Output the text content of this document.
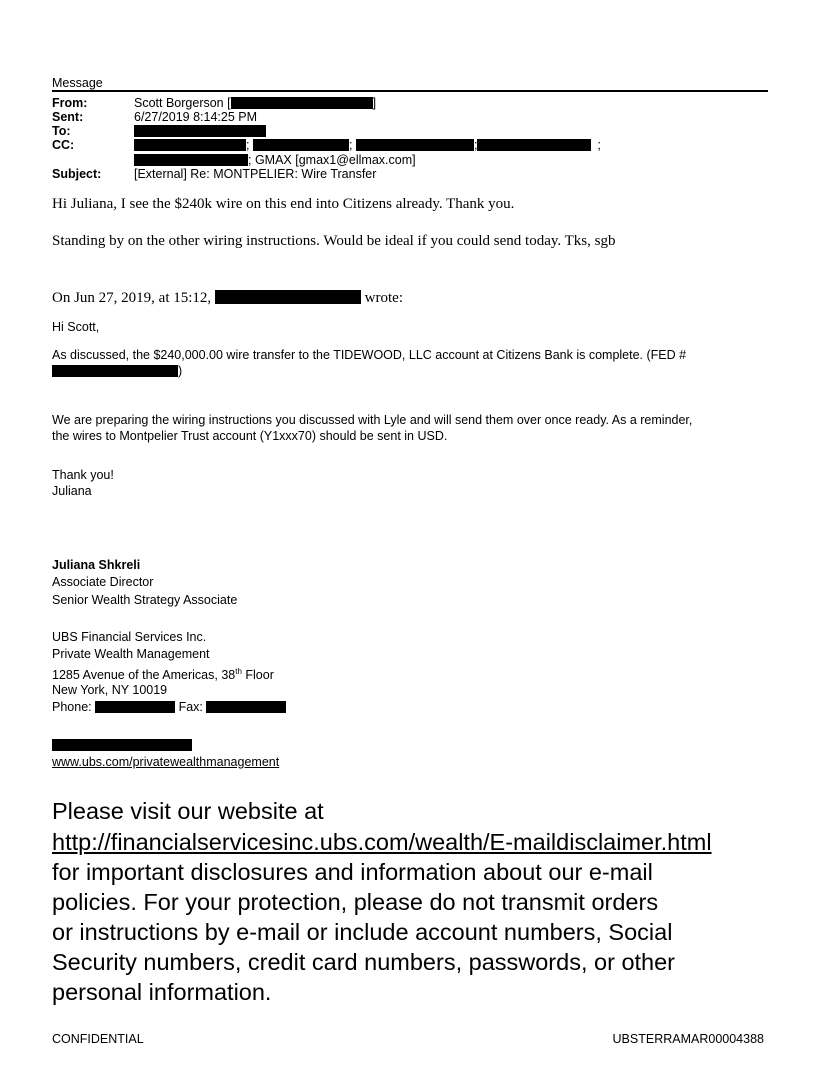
Message
From:	Scott Borgerson [	]
Sent:	6/27/2019 8:14:25 PM
To:
CC:	;	;	;	;
; GMAX [gmax1@ellmax.com]
Subject:	[External] Re: MONTPELIER: Wire Transfer
Hi Juliana, I see the $240k wire on this end into Citizens already. Thank you.
Standing by on the other wiring instructions. Would be ideal if you could send today. Tks, sgb
On Jun 27, 2019, at 15:12,	wrote:
Hi Scott,
As discussed, the $240,000.00 wire transfer to the TIDEWOOD, LLC account at Citizens Bank is complete. (FED #
)
We are preparing the wiring instructions you discussed with Lyle and will send them over once ready. As a reminder,
the wires to Montpelier Trust account (Y1xxx70) should be sent in USD.
Thank you!
Juliana
Juliana Shkreli
Associate Director
Senior Wealth Strategy Associate
UBS Financial Services Inc.
Private Wealth Management
1285 Avenue of the Americas, 38th Floor
New York, NY 10019
Phone:	Fax:
www.ubs.com/privatewealthmanagement
Please visit our website at
http://financialservicesinc.ubs.com/wealth/E-maildisclaimer.html
for important disclosures and information about our e-mail
policies. For your protection, please do not transmit orders
or instructions by e-mail or include account numbers, Social
Security numbers, credit card numbers, passwords, or other
personal information.
CONFIDENTIAL	UBSTERRAMAR00004388
